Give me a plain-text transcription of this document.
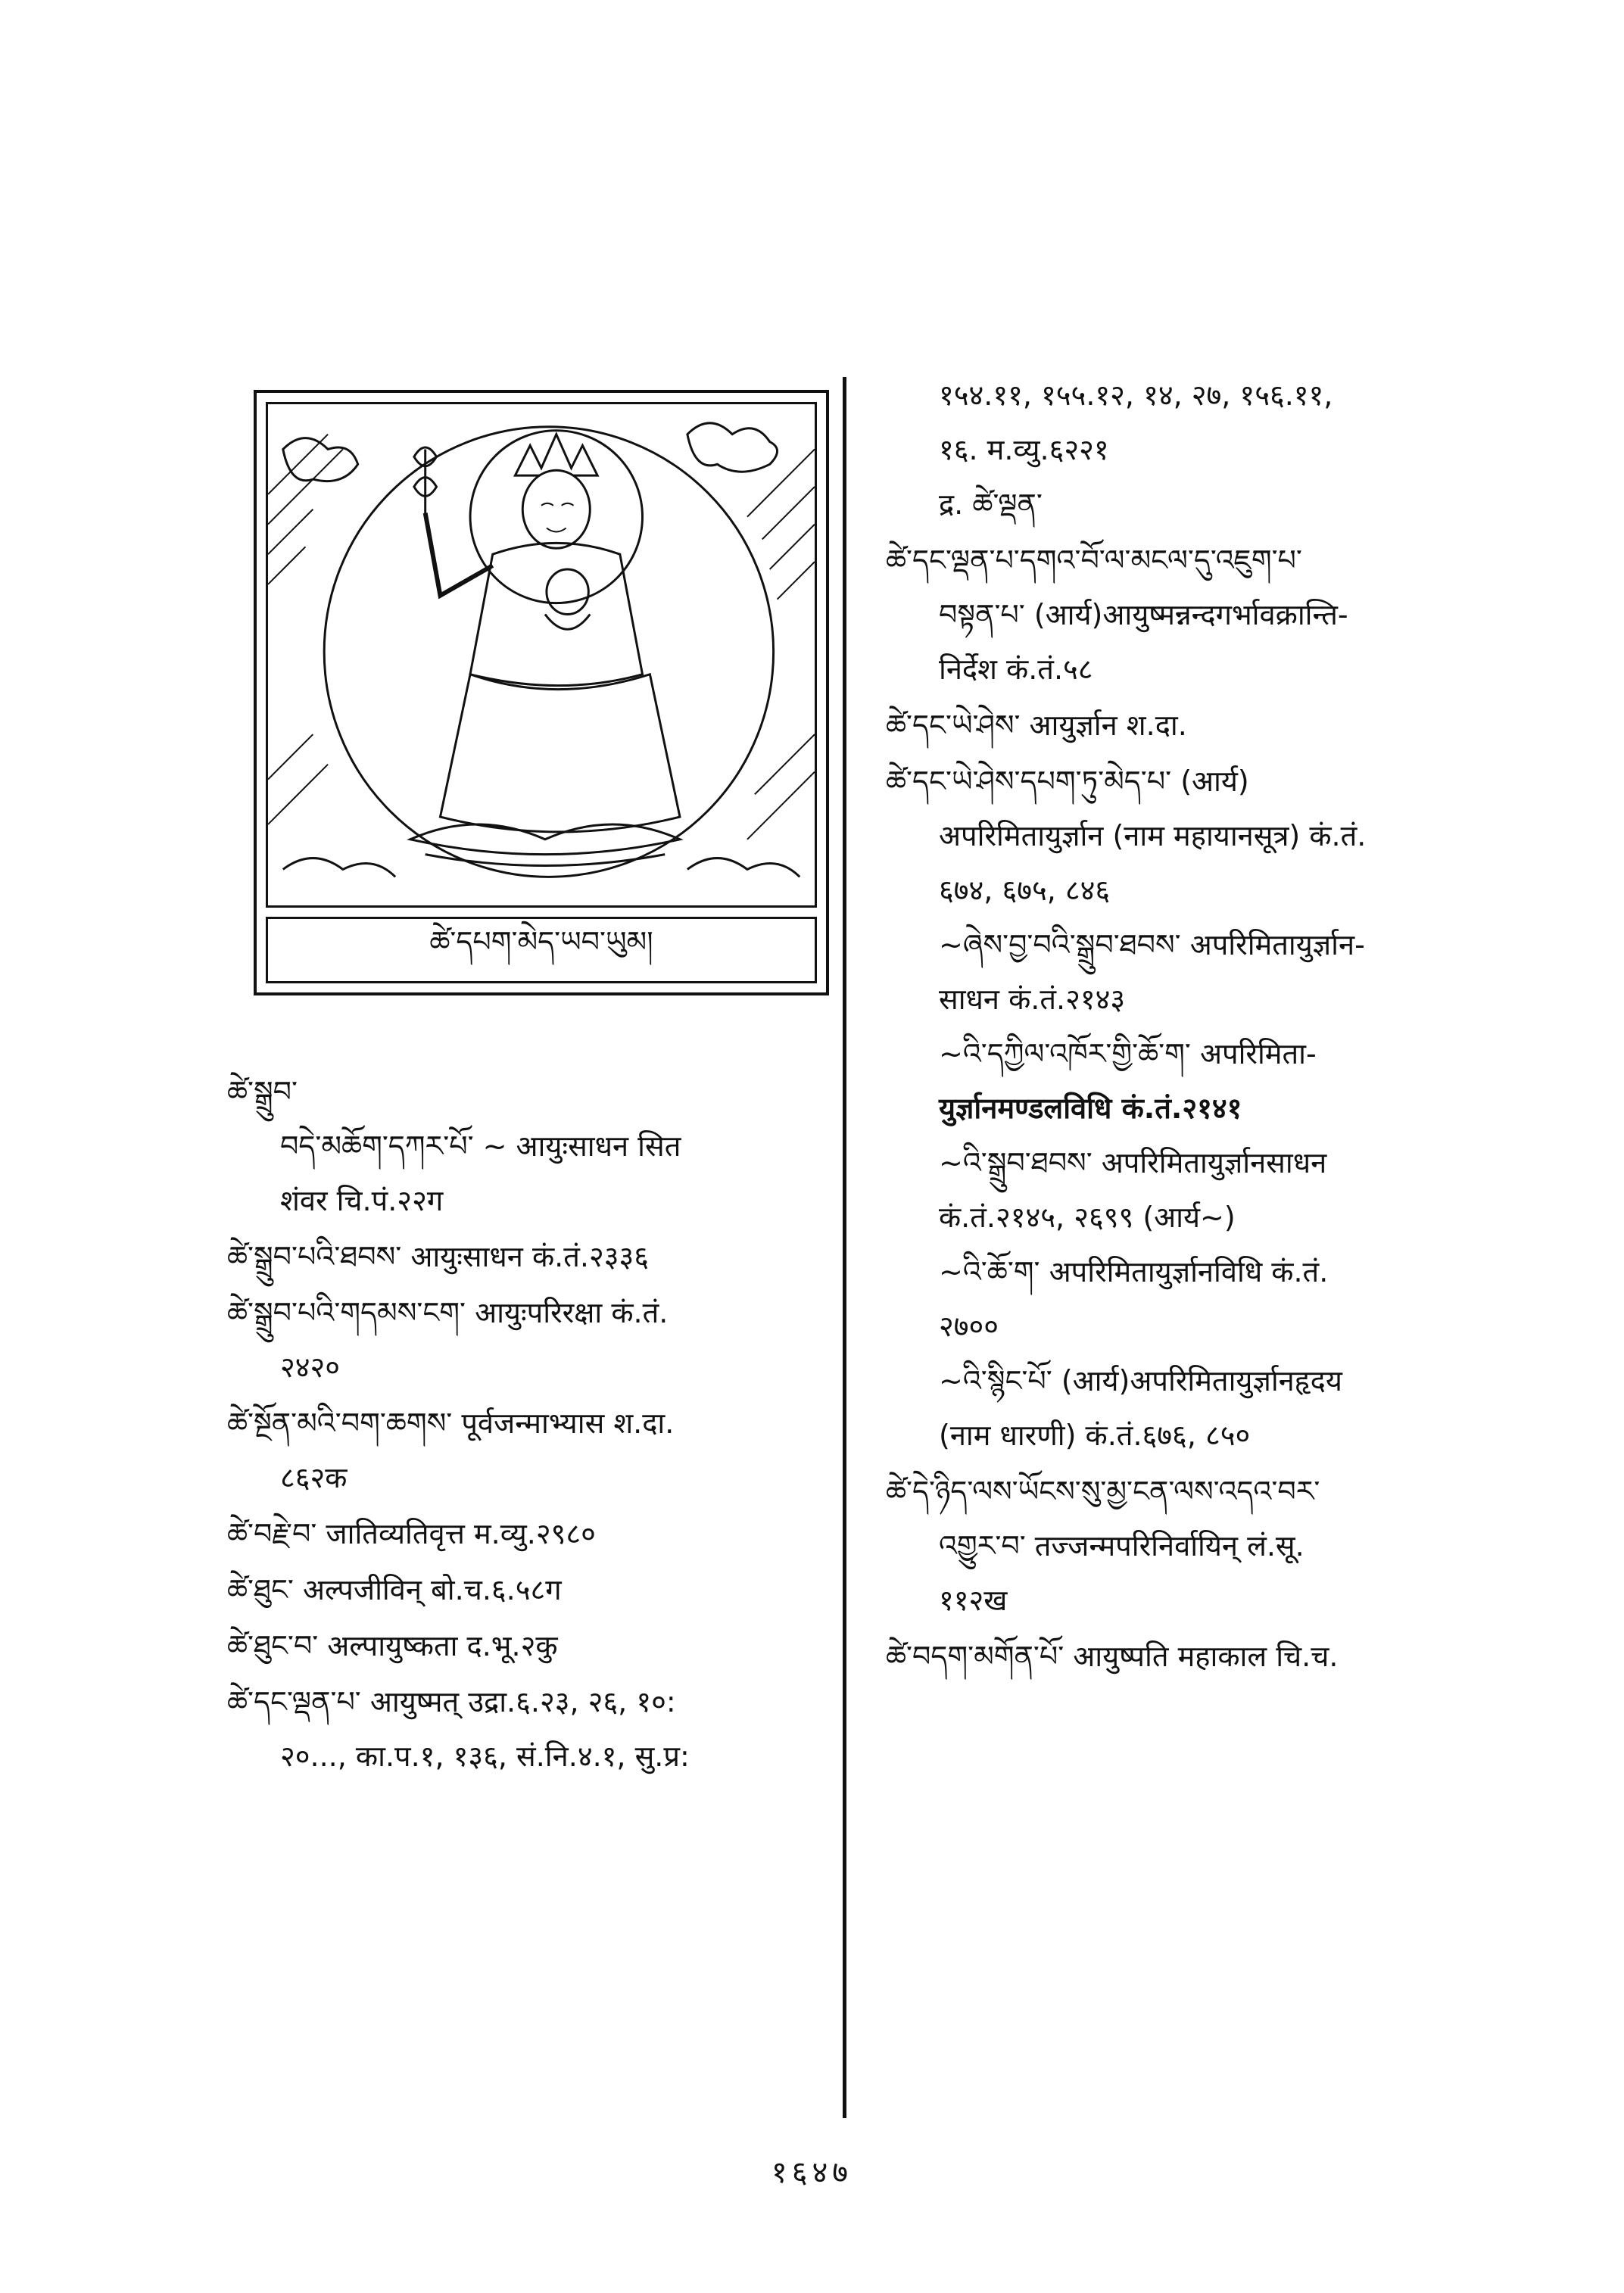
ཚེ་དཔག་མེད་ཡབ་ཡུམ།
ཚེ་སྒྲུབ་
བདེ་མཆོག་དཀར་པོ་ ~ आयुःसाधन सित
शंवर चि.पं.२२ग
ཚེ་སྒྲུབ་པའི་ཐབས་ आयुःसाधन कं.तं.२३३६
ཚེ་སྒྲུབ་པའི་གདམས་ངག་ आयुःपरिरक्षा कं.तं.
२४२०
ཚེ་སྔོན་མའི་བག་ཆགས་ पूर्वजन्माभ्यास श.दा.
८६२क
ཚེ་བརྗེ་བ་ जातिव्यतिवृत्त म.व्यु.२९८०
ཚེ་ཐུང་ अल्पजीविन् बो.च.६.५८ग
ཚེ་ཐུང་བ་ अल्पायुष्कता द.भू.२कु
ཚེ་དང་ལྡན་པ་ आयुष्मत् उद्रा.६.२३, २६, १०:
२०..., का.प.१, १३६, सं.नि.४.१, सु.प्र:
१५४.११, १५५.१२, १४, २७, १५६.११,
१६. म.व्यु.६२२१
द्र. ཚེ་ལྡན་
ཚེ་དང་ལྡན་པ་དགའ་བོ་ལ་མངལ་དུ་འཇུག་པ་
བསྟན་པ་ (आर्य)आयुष्मन्नन्दगर्भावक्रान्ति-
निर्देश कं.तं.५८
ཚེ་དང་ཡེ་ཤེས་ आयुर्ज्ञान श.दा.
ཚེ་དང་ཡེ་ཤེས་དཔག་ཏུ་མེད་པ་ (आर्य)
अपरिमितायुर्ज्ञान (नाम महायानसूत्र) कं.तं.
६७४, ६७५, ८४६
~ཞེས་བྱ་བའི་སྒྲུབ་ཐབས་ अपरिमितायुर्ज्ञान-
साधन कं.तं.२१४३
~འི་དཀྱིལ་འཁོར་གྱི་ཆོ་ག་ अपरिमिता-
युर्ज्ञानमण्डलविधि कं.तं.२१४१
~འི་སྒྲུབ་ཐབས་ अपरिमितायुर्ज्ञानसाधन
कं.तं.२१४५, २६९९ (आर्य~)
~འི་ཆོ་ག་ अपरिमितायुर्ज्ञानविधि कं.तं.
२७००
~འི་སྙིང་པོ་ (आर्य)अपरिमितायुर्ज्ञानहृदय
(नाम धारणी) कं.तं.६७६, ८५०
ཚེ་དེ་ཉིད་ལས་ཡོངས་སུ་མྱ་ངན་ལས་འདའ་བར་
འགྱུར་བ་ तज्जन्मपरिनिर्वायिन् लं.सू.
११२ख
ཚེ་བདག་མགོན་པོ་ आयुष्पति महाकाल चि.च.
१६४७
